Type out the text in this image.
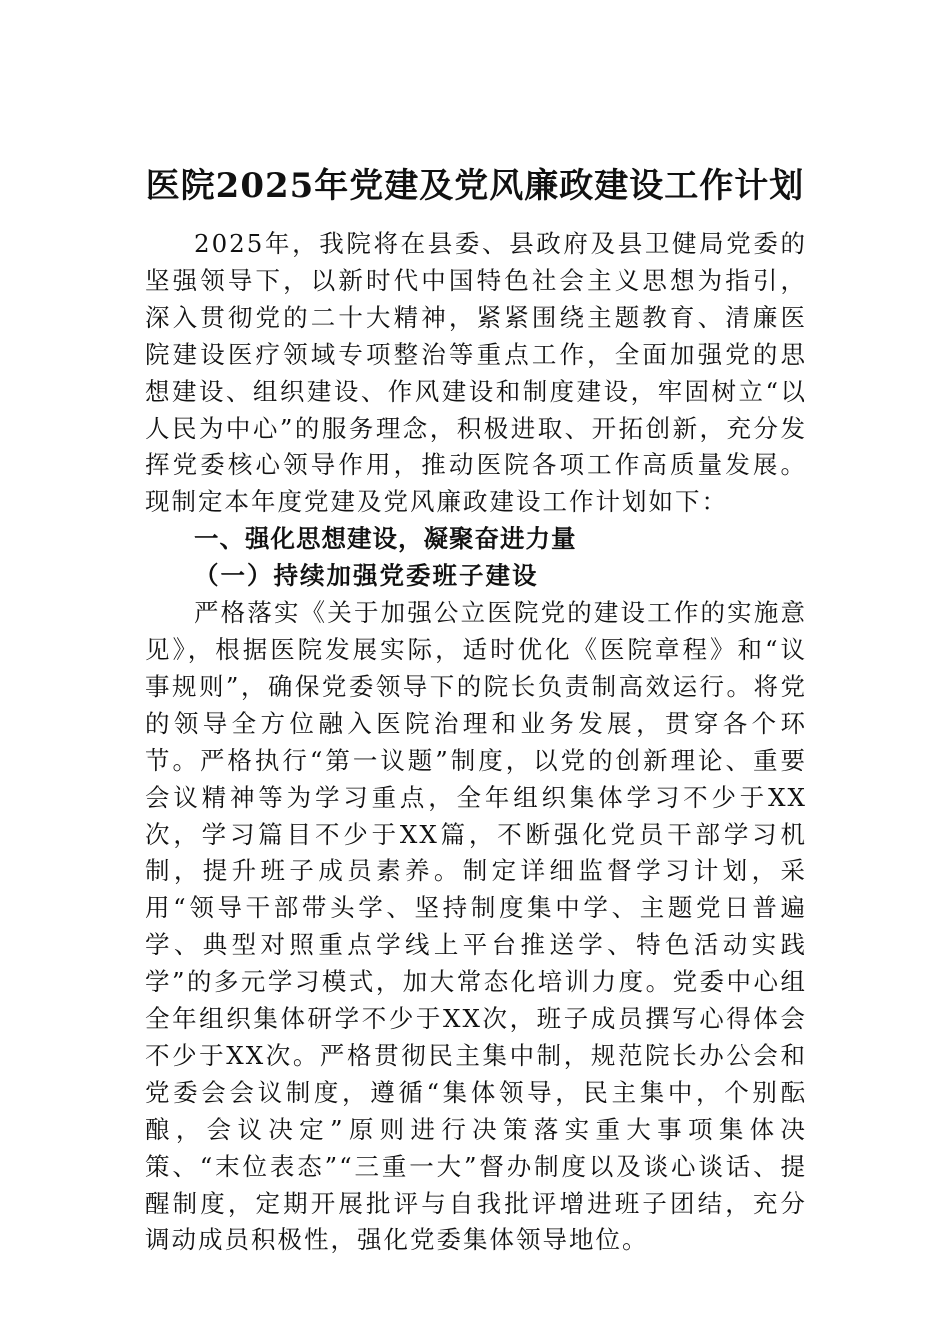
医院2025年党建及党风廉政建设工作计划

2025年，我院将在县委、县政府及县卫健局党委的坚强领导下，以新时代中国特色社会主义思想为指引，深入贯彻党的二十大精神，紧紧围绕主题教育、清廉医院建设医疗领域专项整治等重点工作，全面加强党的思想建设、组织建设、作风建设和制度建设，牢固树立“以人民为中心”的服务理念，积极进取、开拓创新，充分发挥党委核心领导作用，推动医院各项工作高质量发展。现制定本年度党建及党风廉政建设工作计划如下：

一、强化思想建设，凝聚奋进力量

（一）持续加强党委班子建设

严格落实《关于加强公立医院党的建设工作的实施意见》，根据医院发展实际，适时优化《医院章程》和“议事规则”，确保党委领导下的院长负责制高效运行。将党的领导全方位融入医院治理和业务发展，贯穿各个环节。严格执行“第一议题”制度，以党的创新理论、重要会议精神等为学习重点，全年组织集体学习不少于XX次，学习篇目不少于XX篇，不断强化党员干部学习机制，提升班子成员素养。制定详细监督学习计划，采用“领导干部带头学、坚持制度集中学、主题党日普遍学、典型对照重点学线上平台推送学、特色活动实践学”的多元学习模式，加大常态化培训力度。党委中心组全年组织集体研学不少于XX次，班子成员撰写心得体会不少于XX次。严格贯彻民主集中制，规范院长办公会和党委会会议制度，遵循“集体领导，民主集中，个别酝酿，会议决定”原则进行决策落实重大事项集体决策、“末位表态”“三重一大”督办制度以及谈心谈话、提醒制度，定期开展批评与自我批评增进班子团结，充分调动成员积极性，强化党委集体领导地位。
